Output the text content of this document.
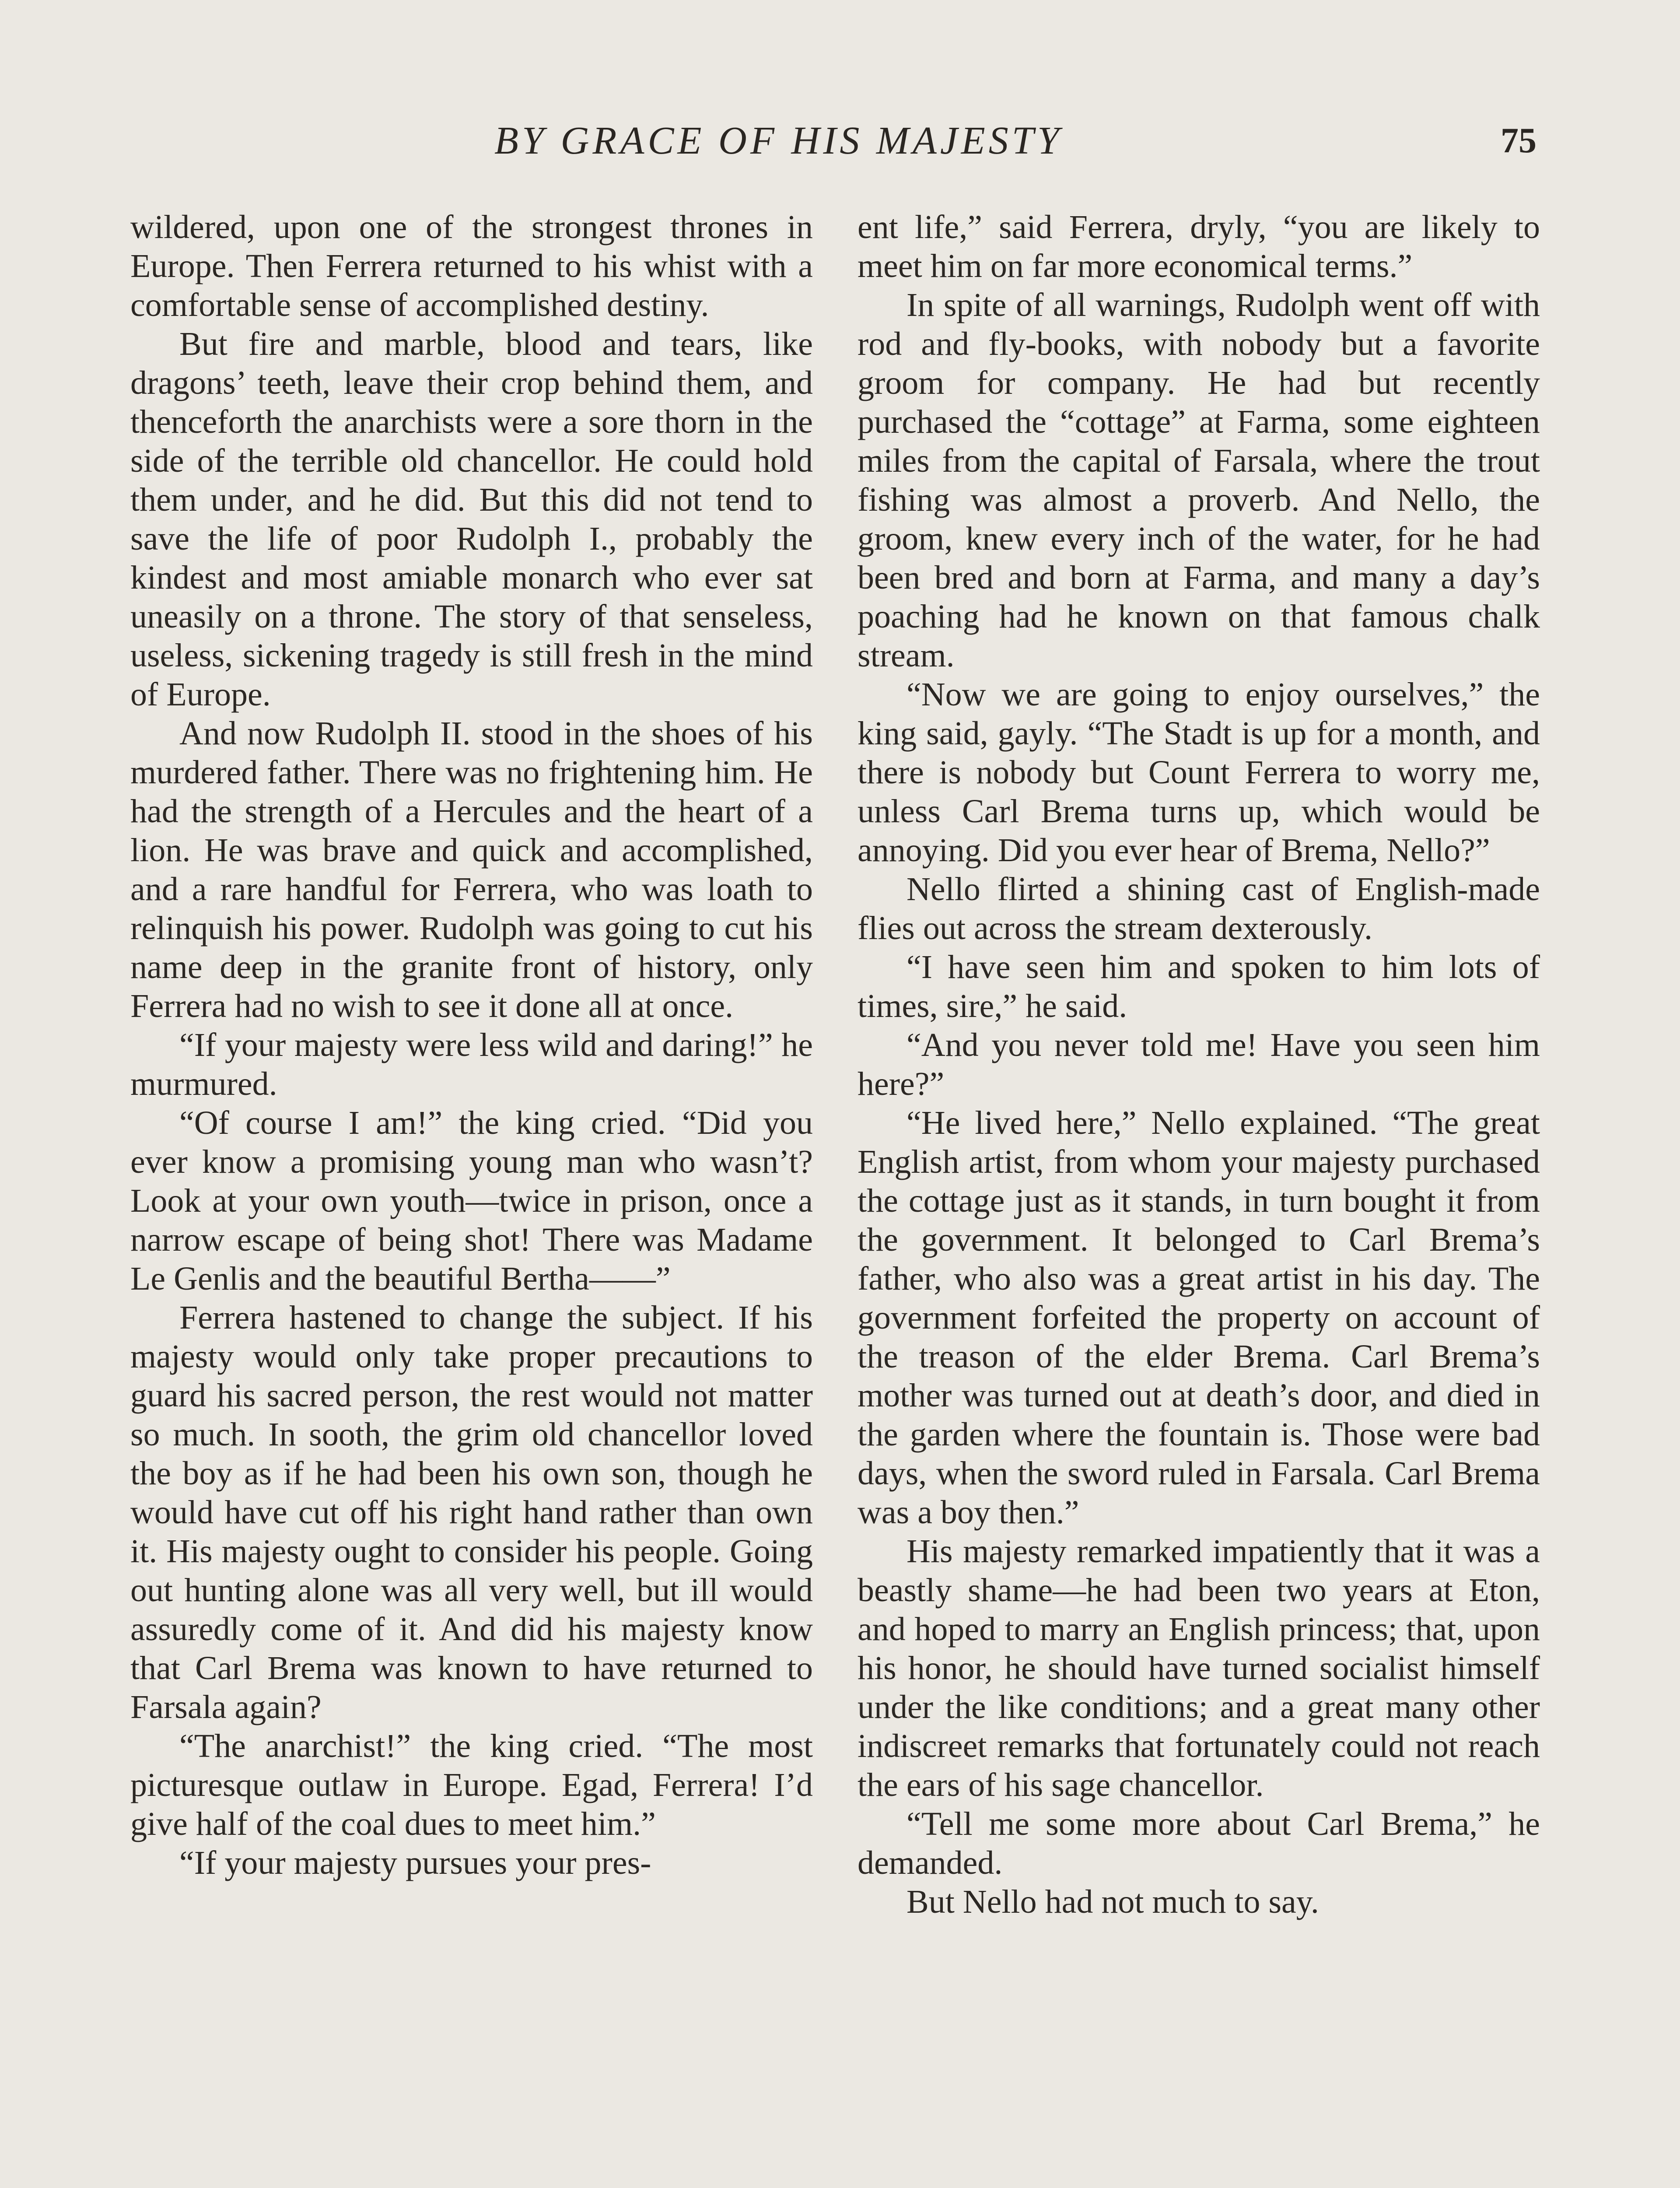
BY GRACE OF HIS MAJESTY	75

wildered, upon one of the strongest thrones in Europe. Then Ferrera returned to his whist with a comfortable sense of accomplished destiny.

But fire and marble, blood and tears, like dragons’ teeth, leave their crop behind them, and thenceforth the anarchists were a sore thorn in the side of the terrible old chancellor. He could hold them under, and he did. But this did not tend to save the life of poor Rudolph I., probably the kindest and most amiable monarch who ever sat uneasily on a throne. The story of that senseless, useless, sickening tragedy is still fresh in the mind of Europe.

And now Rudolph II. stood in the shoes of his murdered father. There was no frightening him. He had the strength of a Hercules and the heart of a lion. He was brave and quick and accomplished, and a rare handful for Ferrera, who was loath to relinquish his power. Rudolph was going to cut his name deep in the granite front of history, only Ferrera had no wish to see it done all at once.

“If your majesty were less wild and daring!” he murmured.

“Of course I am!” the king cried. “Did you ever know a promising young man who wasn’t? Look at your own youth—twice in prison, once a narrow escape of being shot! There was Madame Le Genlis and the beautiful Bertha——”

Ferrera hastened to change the subject. If his majesty would only take proper precautions to guard his sacred person, the rest would not matter so much. In sooth, the grim old chancellor loved the boy as if he had been his own son, though he would have cut off his right hand rather than own it. His majesty ought to consider his people. Going out hunting alone was all very well, but ill would assuredly come of it. And did his majesty know that Carl Brema was known to have returned to Farsala again?

“The anarchist!” the king cried. “The most picturesque outlaw in Europe. Egad, Ferrera! I’d give half of the coal dues to meet him.”

“If your majesty pursues your pres-

ent life,” said Ferrera, dryly, “you are likely to meet him on far more economical terms.”

In spite of all warnings, Rudolph went off with rod and fly-books, with nobody but a favorite groom for company. He had but recently purchased the “cottage” at Farma, some eighteen miles from the capital of Farsala, where the trout fishing was almost a proverb. And Nello, the groom, knew every inch of the water, for he had been bred and born at Farma, and many a day’s poaching had he known on that famous chalk stream.

“Now we are going to enjoy ourselves,” the king said, gayly. “The Stadt is up for a month, and there is nobody but Count Ferrera to worry me, unless Carl Brema turns up, which would be annoying. Did you ever hear of Brema, Nello?”

Nello flirted a shining cast of English-made flies out across the stream dexterously.

“I have seen him and spoken to him lots of times, sire,” he said.

“And you never told me! Have you seen him here?”

“He lived here,” Nello explained. “The great English artist, from whom your majesty purchased the cottage just as it stands, in turn bought it from the government. It belonged to Carl Brema’s father, who also was a great artist in his day. The government forfeited the property on account of the treason of the elder Brema. Carl Brema’s mother was turned out at death’s door, and died in the garden where the fountain is. Those were bad days, when the sword ruled in Farsala. Carl Brema was a boy then.”

His majesty remarked impatiently that it was a beastly shame—he had been two years at Eton, and hoped to marry an English princess; that, upon his honor, he should have turned socialist himself under the like conditions; and a great many other indiscreet remarks that fortunately could not reach the ears of his sage chancellor.

“Tell me some more about Carl Brema,” he demanded.

But Nello had not much to say.
